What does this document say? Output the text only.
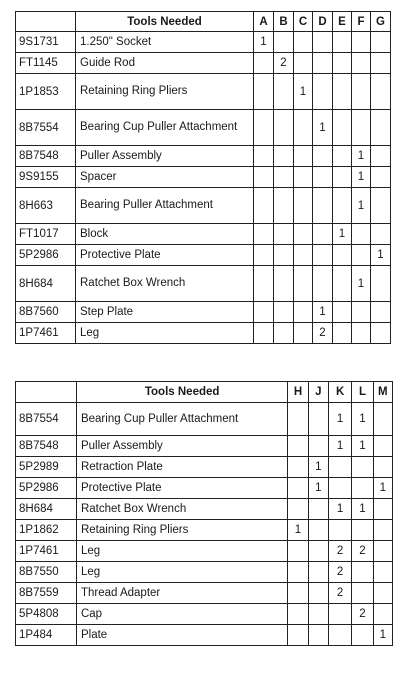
	Tools Needed	A	B	C	D	E	F	G
9S1731	1.250" Socket	1						
FT1145	Guide Rod		2					
1P1853	Retaining Ring Pliers			1				
8B7554	Bearing Cup Puller Attachment				1			
8B7548	Puller Assembly						1	
9S9155	Spacer						1	
8H663	Bearing Puller Attachment						1	
FT1017	Block					1		
5P2986	Protective Plate							1
8H684	Ratchet Box Wrench						1	
8B7560	Step Plate				1			
1P7461	Leg				2			
	Tools Needed	H	J	K	L	M
8B7554	Bearing Cup Puller Attachment			1	1	
8B7548	Puller Assembly			1	1	
5P2989	Retraction Plate		1			
5P2986	Protective Plate		1			1
8H684	Ratchet Box Wrench			1	1	
1P1862	Retaining Ring Pliers	1				
1P7461	Leg			2	2	
8B7550	Leg			2		
8B7559	Thread Adapter			2		
5P4808	Cap				2	
1P484	Plate					1
